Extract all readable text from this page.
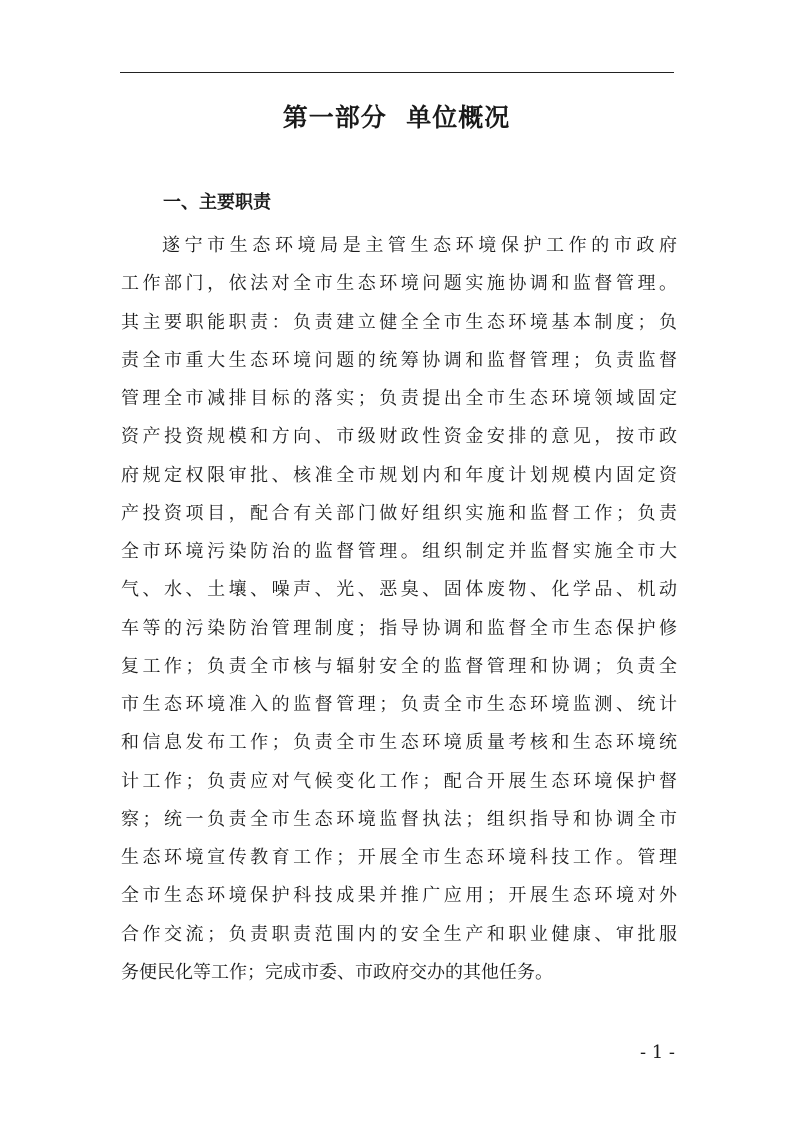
第一部分  单位概况
一、主要职责
遂宁市生态环境局是主管生态环境保护工作的市政府
工作部门，依法对全市生态环境问题实施协调和监督管理。
其主要职能职责：负责建立健全全市生态环境基本制度；负
责全市重大生态环境问题的统筹协调和监督管理；负责监督
管理全市减排目标的落实；负责提出全市生态环境领域固定
资产投资规模和方向、市级财政性资金安排的意见，按市政
府规定权限审批、核准全市规划内和年度计划规模内固定资
产投资项目，配合有关部门做好组织实施和监督工作；负责
全市环境污染防治的监督管理。组织制定并监督实施全市大
气、水、土壤、噪声、光、恶臭、固体废物、化学品、机动
车等的污染防治管理制度；指导协调和监督全市生态保护修
复工作；负责全市核与辐射安全的监督管理和协调；负责全
市生态环境准入的监督管理；负责全市生态环境监测、统计
和信息发布工作；负责全市生态环境质量考核和生态环境统
计工作；负责应对气候变化工作；配合开展生态环境保护督
察；统一负责全市生态环境监督执法；组织指导和协调全市
生态环境宣传教育工作；开展全市生态环境科技工作。管理
全市生态环境保护科技成果并推广应用；开展生态环境对外
合作交流；负责职责范围内的安全生产和职业健康、审批服
务便民化等工作；完成市委、市政府交办的其他任务。
- 1 -
